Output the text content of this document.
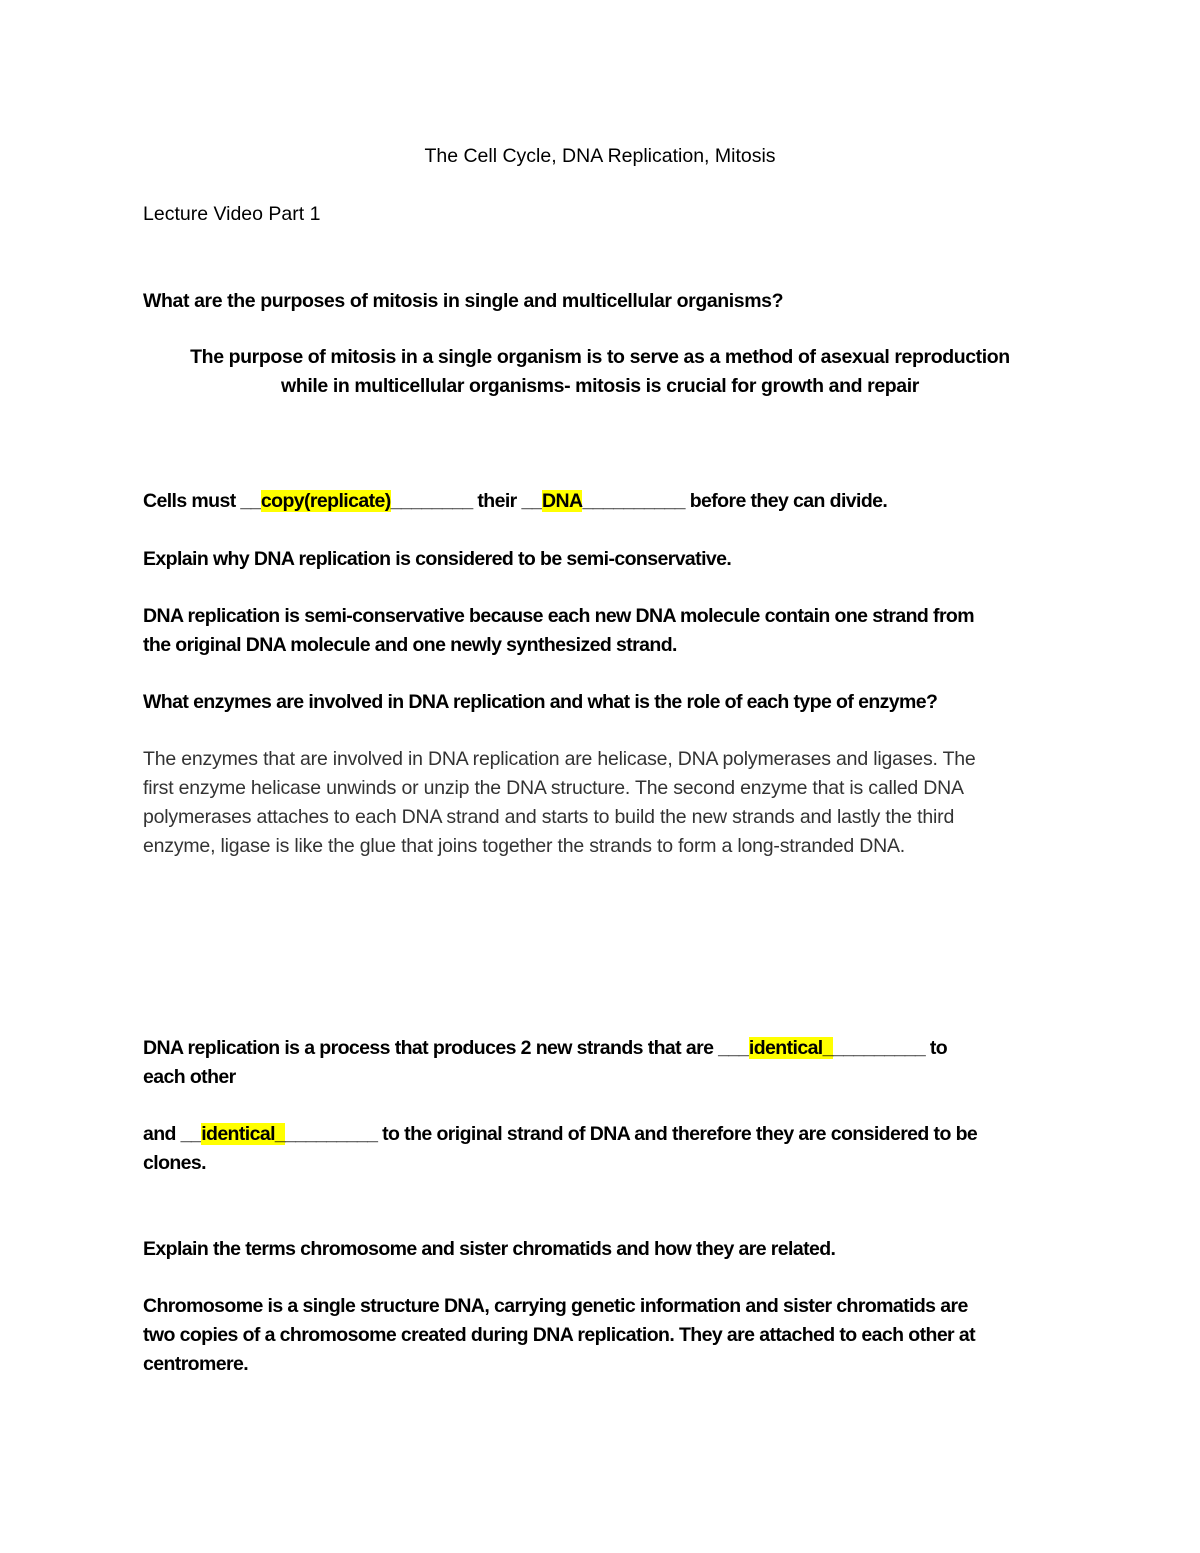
The Cell Cycle, DNA Replication, Mitosis
Lecture Video Part 1
What are the purposes of mitosis in single and multicellular organisms?
The purpose of mitosis in a single organism is to serve as a method of asexual reproduction
while in multicellular organisms- mitosis is crucial for growth and repair
Cells must __copy(replicate)________ their __DNA__________ before they can divide.
Explain why DNA replication is considered to be semi-conservative.
DNA replication is semi-conservative because each new DNA molecule contain one strand from
the original DNA molecule and one newly synthesized strand.
What enzymes are involved in DNA replication and what is the role of each type of enzyme?
The enzymes that are involved in DNA replication are helicase, DNA polymerases and ligases. The
first enzyme helicase unwinds or unzip the DNA structure. The second enzyme that is called DNA
polymerases attaches to each DNA strand and starts to build the new strands and lastly the third
enzyme, ligase is like the glue that joins together the strands to form a long-stranded DNA.
DNA replication is a process that produces 2 new strands that are ___identical__________ to
each other
and __identical__________ to the original strand of DNA and therefore they are considered to be
clones.
Explain the terms chromosome and sister chromatids and how they are related.
Chromosome is a single structure DNA, carrying genetic information and sister chromatids are
two copies of a chromosome created during DNA replication. They are attached to each other at
centromere.
